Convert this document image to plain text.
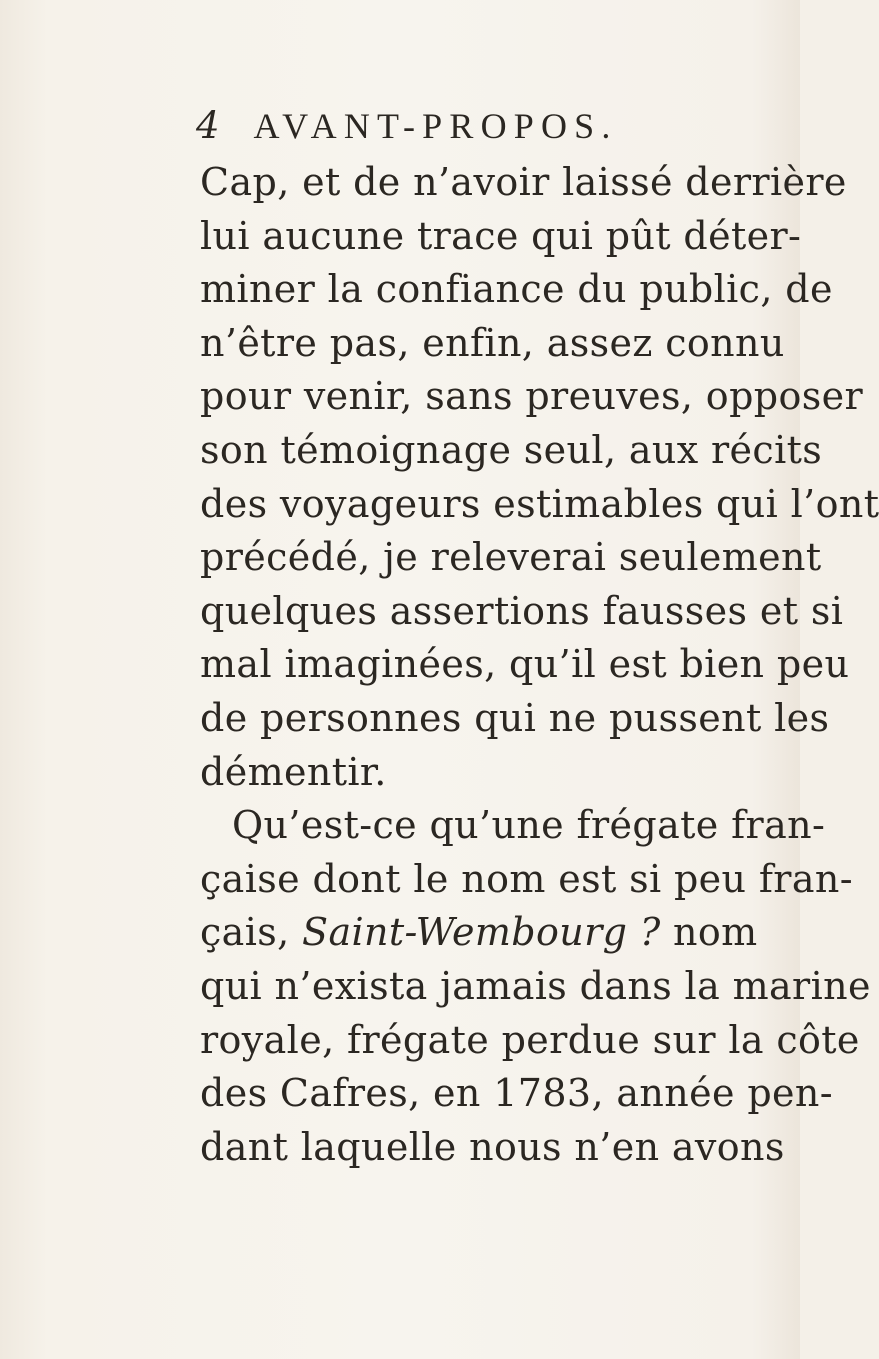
4 AVANT-PROPOS.
Cap, et de n’avoir laissé derrière
lui aucune trace qui pût déter-
miner la confiance du public, de
n’être pas, enfin, assez connu
pour venir, sans preuves, opposer
son témoignage seul, aux récits
des voyageurs estimables qui l’ont
précédé, je releverai seulement
quelques assertions fausses et si
mal imaginées, qu’il est bien peu
de personnes qui ne pussent les
démentir.
Qu’est-ce qu’une frégate fran-
çaise dont le nom est si peu fran-
çais, Saint-Wembourg ? nom
qui n’exista jamais dans la marine
royale, frégate perdue sur la côte
des Cafres, en 1783, année pen-
dant laquelle nous n’en avons
